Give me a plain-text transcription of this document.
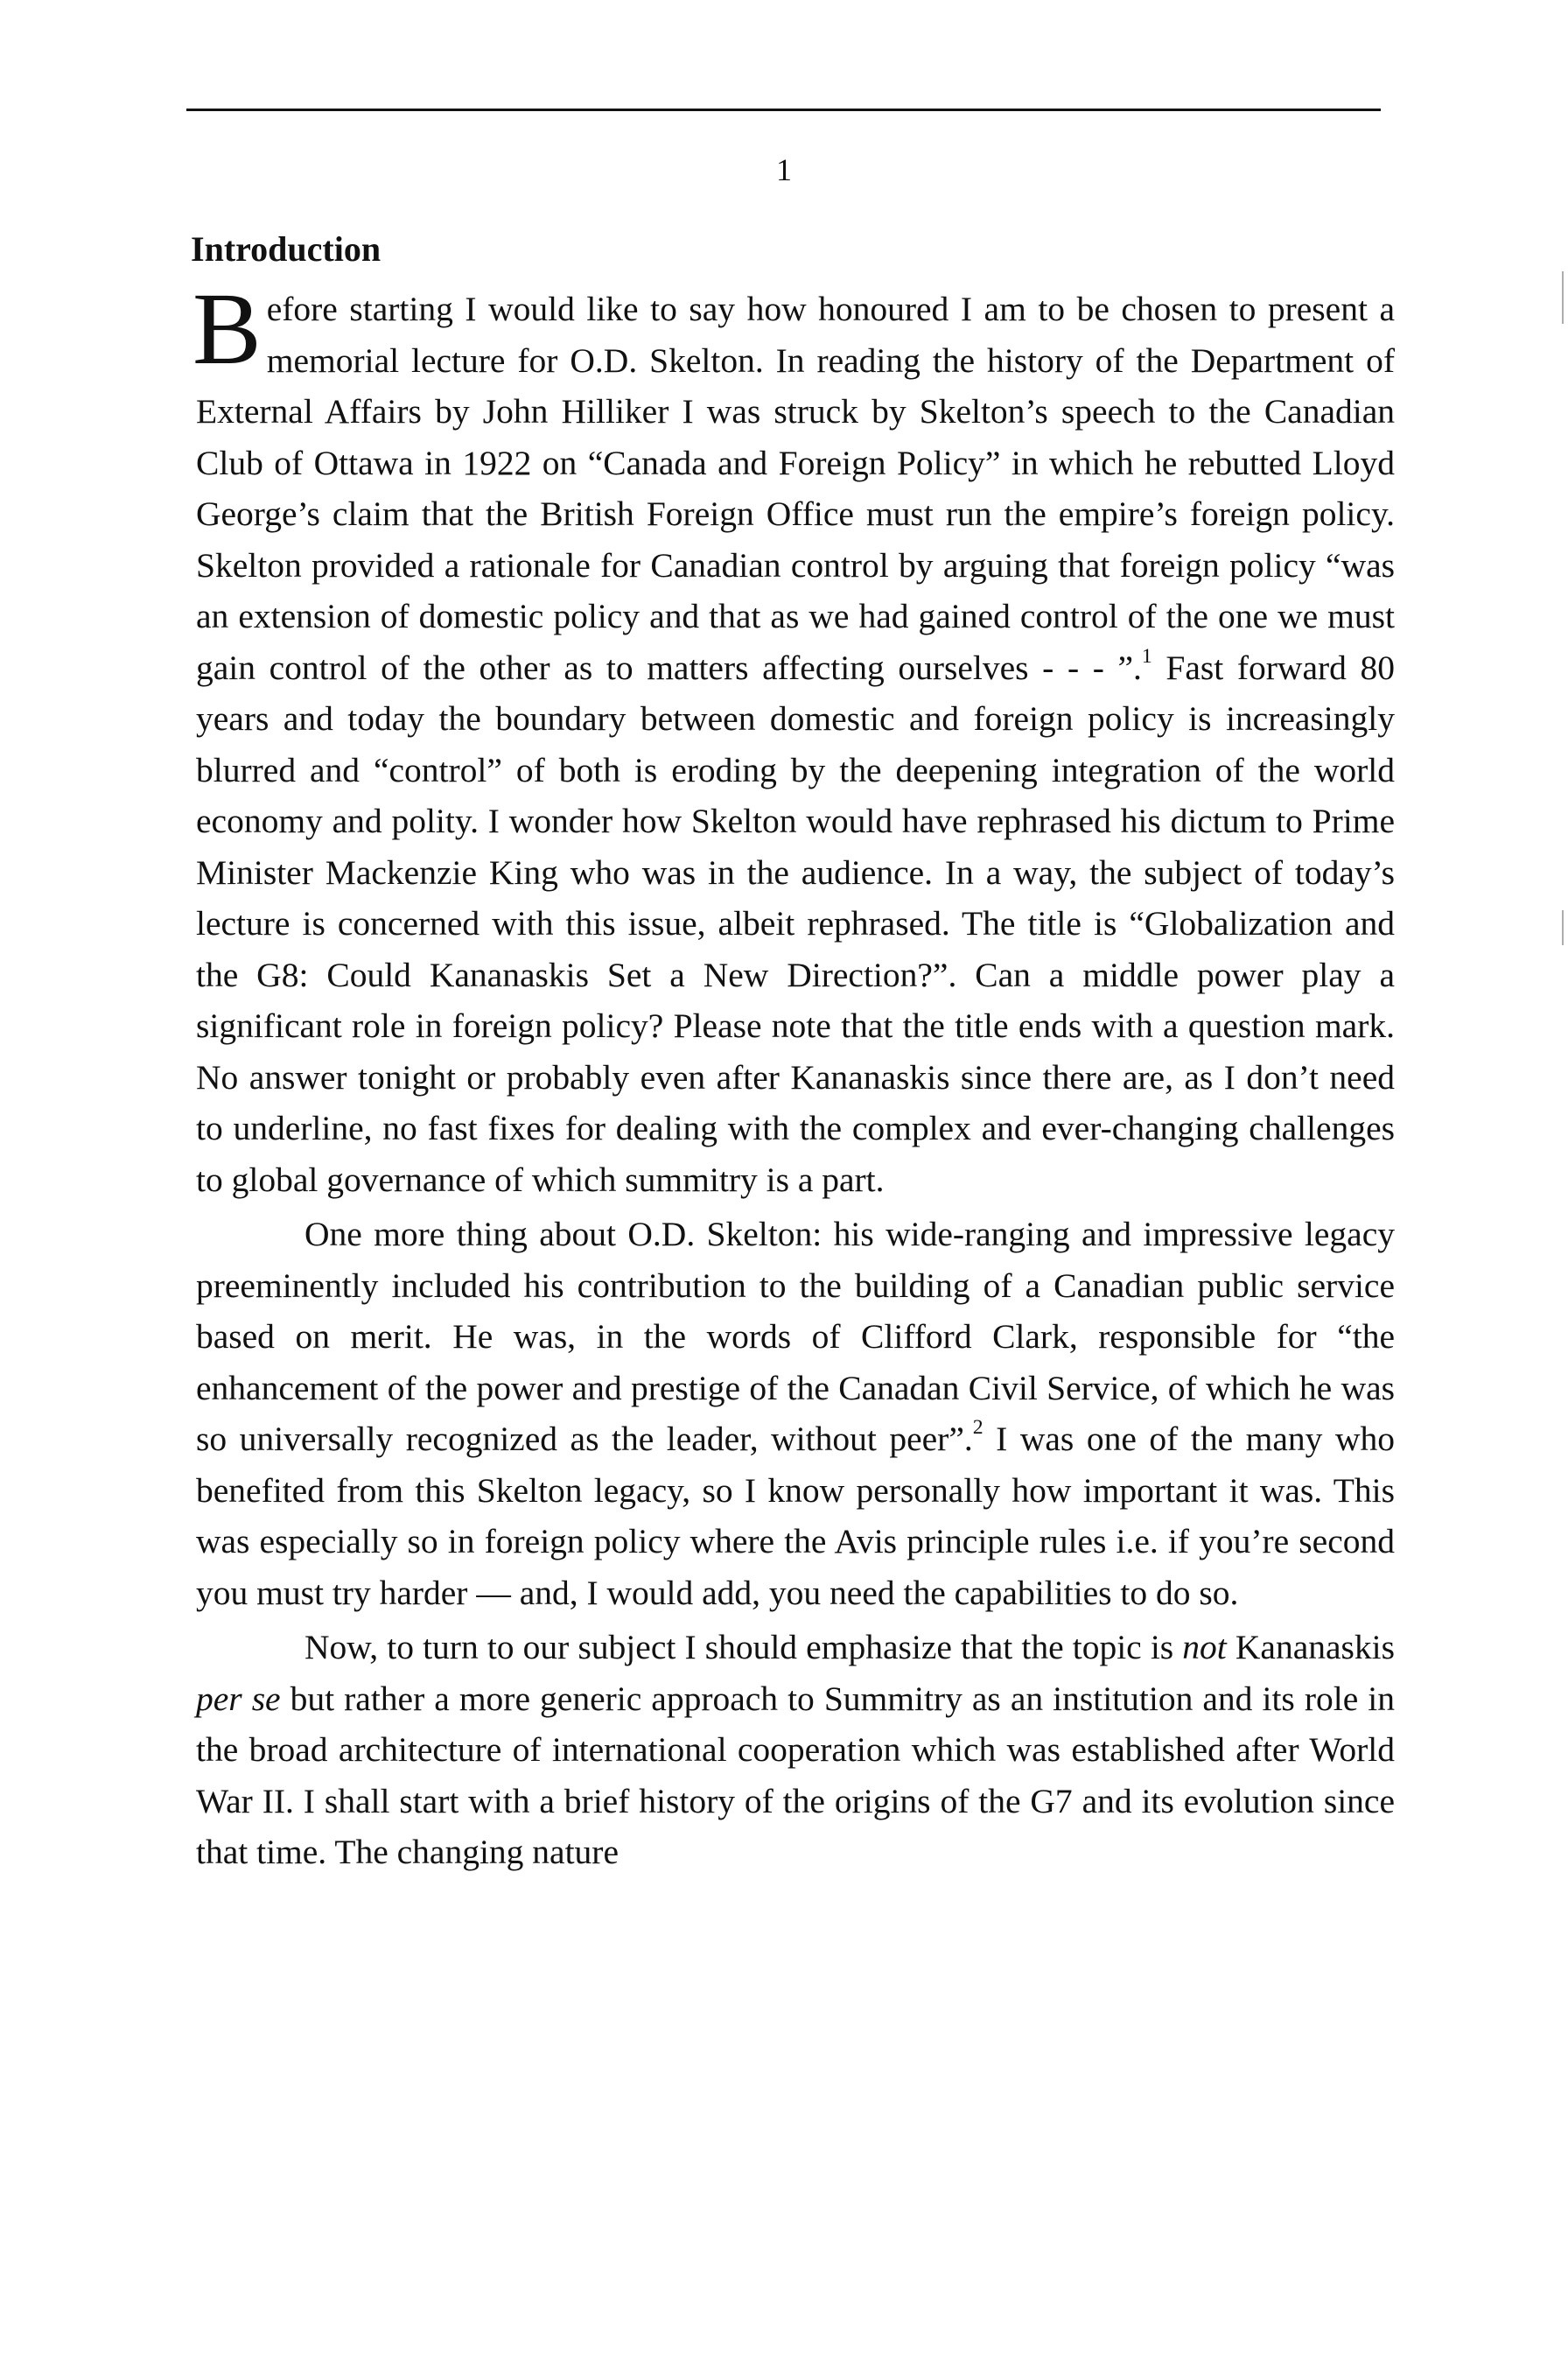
1
Introduction

Before starting I would like to say how honoured I am to be chosen to present a memorial lecture for O.D. Skelton. In reading the history of the Department of External Affairs by John Hilliker I was struck by Skelton’s speech to the Canadian Club of Ottawa in 1922 on “Canada and Foreign Policy” in which he rebutted Lloyd George’s claim that the British Foreign Office must run the empire’s foreign policy. Skelton provided a rationale for Canadian control by arguing that foreign policy “was an extension of domestic policy and that as we had gained control of the one we must gain control of the other as to matters affecting ourselves - - - ”.$^1$ Fast forward 80 years and today the boundary between domestic and foreign policy is increasingly blurred and “control” of both is eroding by the deepening integration of the world economy and polity. I wonder how Skelton would have rephrased his dictum to Prime Minister Mackenzie King who was in the audience. In a way, the subject of today’s lecture is concerned with this issue, albeit rephrased. The title is “Globalization and the G8: Could Kananaskis Set a New Direction?”. Can a middle power play a significant role in foreign policy? Please note that the title ends with a question mark. No answer tonight or probably even after Kananaskis since there are, as I don’t need to underline, no fast fixes for dealing with the complex and ever-changing challenges to global governance of which summitry is a part.

One more thing about O.D. Skelton: his wide-ranging and impressive legacy preeminently included his contribution to the building of a Canadian public service based on merit. He was, in the words of Clifford Clark, responsible for “the enhancement of the power and prestige of the Canadan Civil Service, of which he was so universally recognized as the leader, without peer”.$^2$ I was one of the many who benefited from this Skelton legacy, so I know personally how important it was. This was especially so in foreign policy where the Avis principle rules i.e. if you’re second you must try harder — and, I would add, you need the capabilities to do so.

Now, to turn to our subject I should emphasize that the topic is not Kananaskis per se but rather a more generic approach to Summitry as an institution and its role in the broad architecture of international cooperation which was established after World War II. I shall start with a brief history of the origins of the G7 and its evolution since that time. The changing nature
